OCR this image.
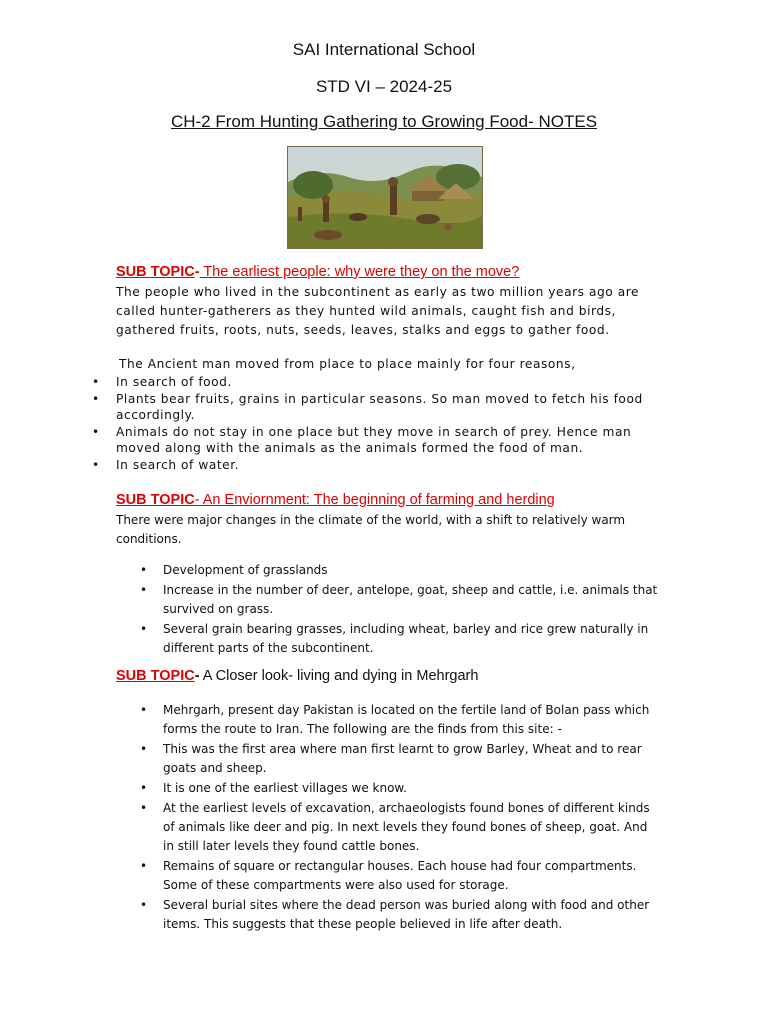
SAI International School
STD VI – 2024-25
CH-2 From Hunting Gathering to Growing Food- NOTES
SUB TOPIC- The earliest people: why were they on the move?
The people who lived in the subcontinent as early as two million years ago are called hunter-gatherers as they hunted wild animals, caught fish and birds, gathered fruits, roots, nuts, seeds, leaves, stalks and eggs to gather food.
The Ancient man moved from place to place mainly for four reasons,
• In search of food.
• Plants bear fruits, grains in particular seasons. So man moved to fetch his food accordingly.
• Animals do not stay in one place but they move in search of prey. Hence man moved along with the animals as the animals formed the food of man.
• In search of water.
SUB TOPIC- An Enviornment: The beginning of farming and herding
There were major changes in the climate of the world, with a shift to relatively warm conditions.
• Development of grasslands
• Increase in the number of deer, antelope, goat, sheep and cattle, i.e. animals that survived on grass.
• Several grain bearing grasses, including wheat, barley and rice grew naturally in different parts of the subcontinent.
SUB TOPIC- A Closer look- living and dying in Mehrgarh
• Mehrgarh, present day Pakistan is located on the fertile land of Bolan pass which forms the route to Iran. The following are the finds from this site: -
• This was the first area where man first learnt to grow Barley, Wheat and to rear goats and sheep.
• It is one of the earliest villages we know.
• At the earliest levels of excavation, archaeologists found bones of different kinds of animals like deer and pig. In next levels they found bones of sheep, goat. And in still later levels they found cattle bones.
• Remains of square or rectangular houses. Each house had four compartments. Some of these compartments were also used for storage.
• Several burial sites where the dead person was buried along with food and other items. This suggests that these people believed in life after death.
